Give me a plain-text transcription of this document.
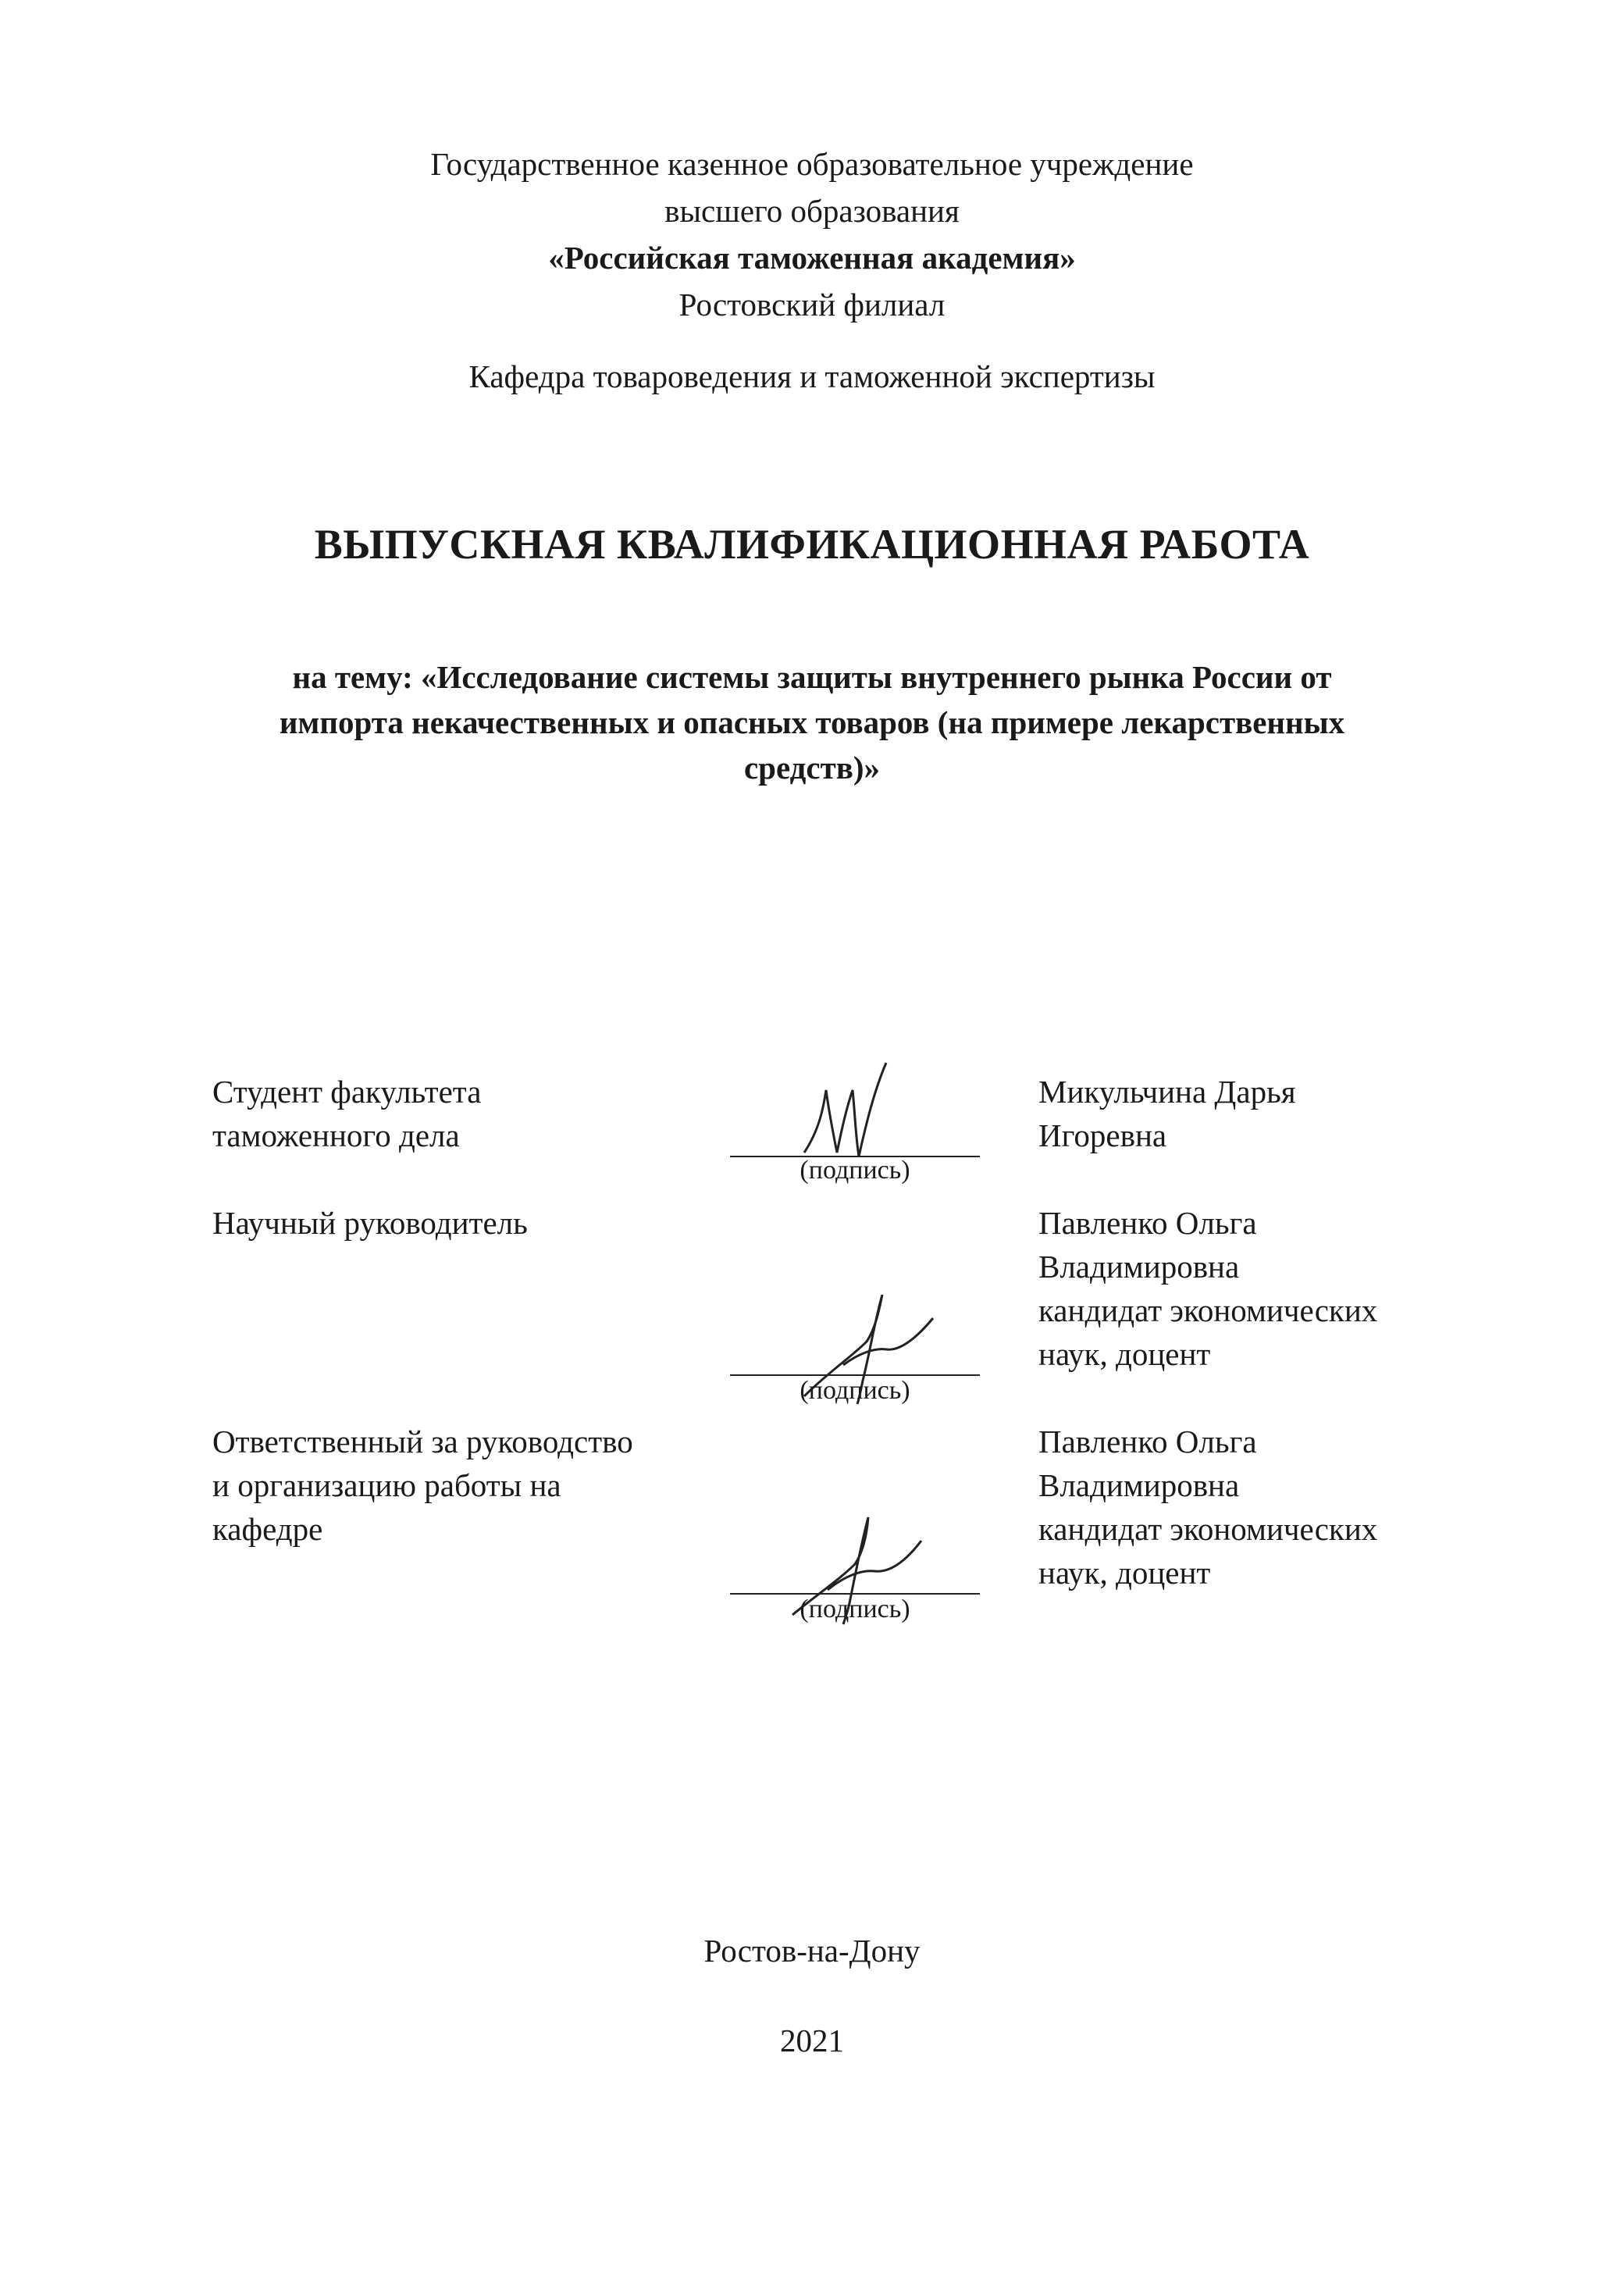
Государственное казенное образовательное учреждение
высшего образования
«Российская таможенная академия»
Ростовский филиал
Кафедра товароведения и таможенной экспертизы
ВЫПУСКНАЯ КВАЛИФИКАЦИОННАЯ РАБОТА
на тему: «Исследование системы защиты внутреннего рынка России от
импорта некачественных и опасных товаров (на примере лекарственных
средств)»
Студент факультета
таможенного дела
(подпись)
Микульчина Дарья
Игоревна
Научный руководитель
(подпись)
Павленко Ольга
Владимировна
кандидат экономических
наук, доцент
Ответственный за руководство
и организацию работы на
кафедре
(подпись)
Павленко Ольга
Владимировна
кандидат экономических
наук, доцент
Ростов-на-Дону
2021
